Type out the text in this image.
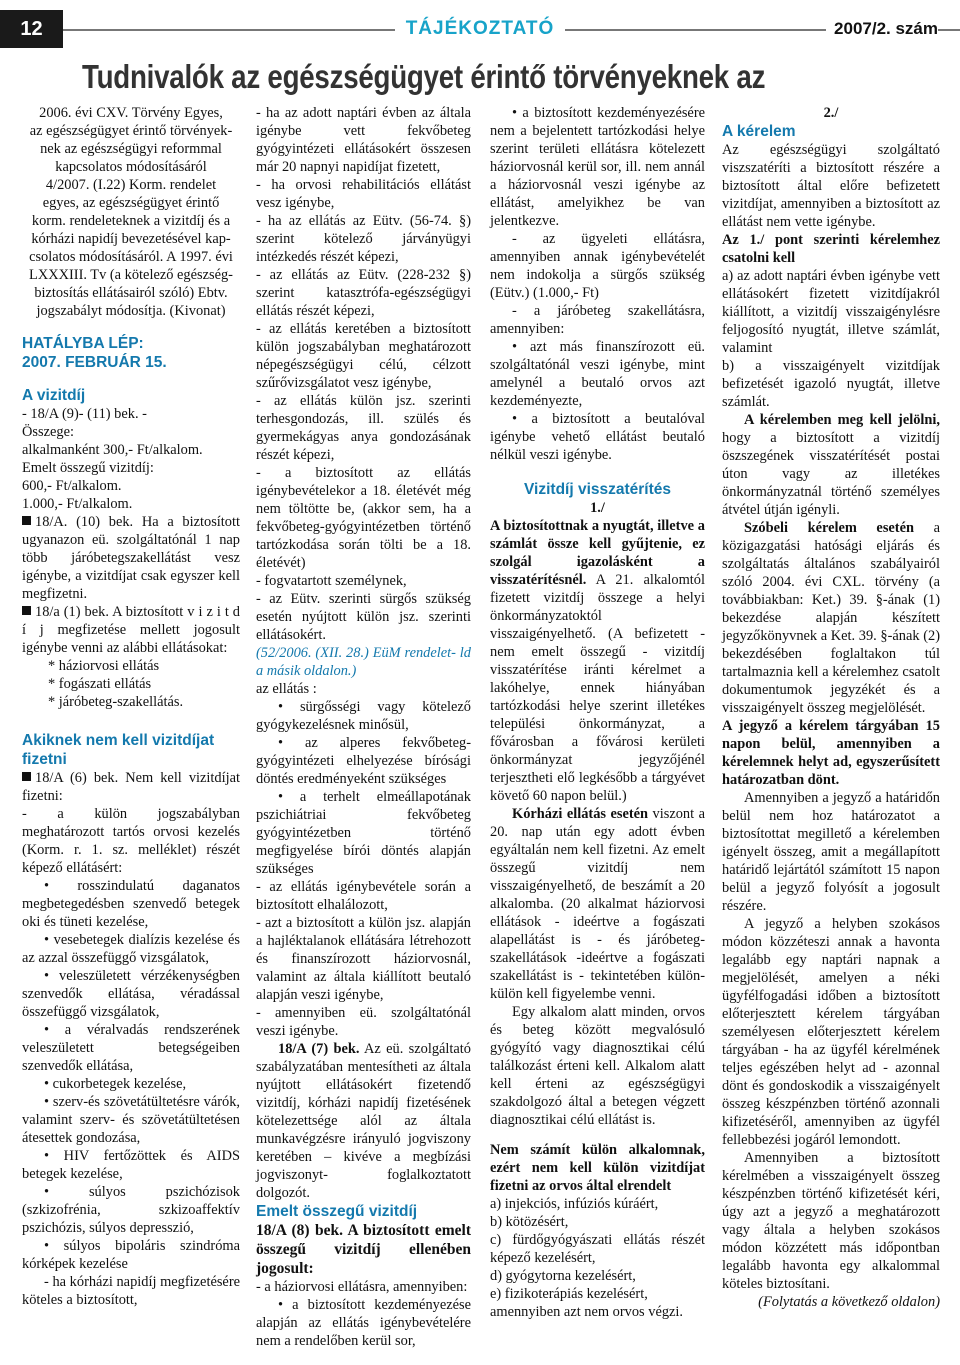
12	TÁJÉKOZTATÓ	2007/2. szám
Tudnivalók az egészségügyet érintő törvényeknek az

2006. évi CXV. Törvény Egyes,

az egészségügyet érintő törvények-

nek az egészségügyi reformmal

kapcsolatos módosításáról

4/2007. (I.22) Korm. rendelet

egyes, az egészségügyet érintő

korm. rendeleteknek a vizitdíj és a

kórházi napidíj bevezetésével kap-

csolatos módosításáról. A 1997. évi

LXXXIII. Tv (a kötelező egészség-

biztosítás ellátásairól szóló) Ebtv.

jogszabályt módosítja. (Kivonat)

HATÁLYBA LÉP:

2007. FEBRUÁR 15.

A vizitdíj

- 18/A (9)- (11) bek. -

Összege:

alkalmanként 300,- Ft/alkalom.

Emelt összegű vizitdíj:

600,- Ft/alkalom.

1.000,- Ft/alkalom.

18/A. (10) bek. Ha a biztosított ugyanazon eü. szolgáltatónál 1 nap több járóbetegszakellátást vesz igénybe, a vizitdíjat csak egyszer kell megfizetni.

18/a (1) bek. A biztosított v i z i t d í j megfizetése mellett jogosult igénybe venni az alábbi ellátásokat:

* háziorvosi ellátás

* fogászati ellátás

* járóbeteg-szakellátás.

Akiknek nem kell vizitdíjat fizetni

18/A (6) bek. Nem kell vizitdíjat fizetni:

- a külön jogszabályban meghatározott tartós orvosi kezelés (Korm. r. 1. sz. melléklet) részét képező ellátásért:

• rosszindulatú daganatos megbetegedésben szenvedő betegek oki és tüneti kezelése,

• vesebetegek dialízis kezelése és az azzal összefüggő vizsgálatok,

• veleszületett vérzékenységben szenvedők ellátása, véradással összefüggő vizsgálatok,

• a véralvadás rendszerének veleszületett betegségeiben szenvedők ellátása,

• cukorbetegek kezelése,

• szerv-és szövetátültetésre várók, valamint szerv- és szövetátültetésen átesettek gondozása,

• HIV fertőzöttek és AIDS betegek kezelése,

• súlyos pszichózisok (szkizofrénia, szkizoaffektív pszichózis, súlyos depresszió,

• súlyos bipoláris szindróma kórképek kezelése

- ha kórházi napidíj megfizetésére köteles a biztosított,

- ha az adott naptári évben az általa igénybe vett fekvőbeteg gyógyintézeti ellátásokért összesen már 20 napnyi napidíjat fizetett,

- ha orvosi rehabilitációs ellátást vesz igénybe,

- ha az ellátás az Eütv. (56-74. §) szerint kötelező járványügyi intézkedés részét képezi,

- az ellátás az Eütv. (228-232 §) szerint katasztrófa-egészségügyi ellátás részét képezi,

- az ellátás keretében a biztosított külön jogszabályban meghatározott népegészségügyi célú, célzott szűrővizsgálatot vesz igénybe,

- az ellátás külön jsz. szerinti terhesgondozás, ill. szülés és gyermekágyas anya gondozásának részét képezi,

- a biztosított az ellátás igénybevételekor a 18. életévét még nem töltötte be, (akkor sem, ha a fekvőbeteg-gyógyintézetben történő tartózkodása során tölti be a 18. életévét)

- fogvatartott személynek,

- az Eütv. szerinti sürgős szükség esetén nyújtott külön jsz. szerinti ellátásokért.

(52/2006. (XII. 28.) EüM rendelet- ld a másik oldalon.)

az ellátás :

• sürgősségi vagy kötelező gyógykezelésnek minősül,

• az alperes fekvőbeteg-gyógyintézeti elhelyezése bírósági döntés eredményeként szükséges

• a terhelt elmeállapotának pszichiátriai fekvőbeteg gyógyintézetben történő megfigyelése bírói döntés alapján szükséges

- az ellátás igénybevétele során a biztosított elhalálozott,

- azt a biztosított a külön jsz. alapján a hajléktalanok ellátására létrehozott és finanszírozott háziorvosnál, valamint az általa kiállított beutaló alapján veszi igénybe,

- amennyiben eü. szolgáltatónál veszi igénybe.

18/A (7) bek. Az eü. szolgáltató szabályzatában mentesítheti az általa nyújtott ellátásokért fizetendő vizitdíj, kórházi napidíj fizetésének kötelezettsége alól az általa munkavégzésre irányuló jogviszony keretében – kivéve a megbízási jogviszonyt- foglalkoztatott dolgozót.

Emelt összegű vizitdíj

18/A (8) bek. A biztosított emelt összegű vizitdíj ellenében jogosult:

- a háziorvosi ellátásra, amennyiben:

• a biztosított kezdeményezése alapján az ellátás igénybevételére nem a rendelőben kerül sor,

• a biztosított kezdeményezésére nem a bejelentett tartózkodási helye szerint területi ellátásra kötelezett háziorvosnál kerül sor, ill. nem annál a háziorvosnál veszi igénybe az ellátást, amelyikhez be van jelentkezve.

- az ügyeleti ellátásra, amennyiben annak igénybevételét nem indokolja a sürgős szükség (Eütv.) (1.000,- Ft)

- a járóbeteg szakellátásra, amennyiben:

• azt más finanszírozott eü. szolgáltatónál veszi igénybe, mint amelynél a beutaló orvos azt kezdeményezte,

• a biztosított a beutalóval igénybe vehető ellátást beutaló nélkül veszi igénybe.

Vizitdíj visszatérítés

1./

A biztosítottnak a nyugtát, illetve a számlát össze kell gyűjtenie, ez szolgál igazolásként a visszatérítésnél. A 21. alkalomtól fizetett vizitdíj összege a helyi önkormányzatoktól visszaigényelhető. (A befizetett - nem emelt összegű - vizitdíj visszatérítése iránti kérelmet a lakóhelye, ennek hiányában tartózkodási helye szerint illetékes települési önkormányzat, a fővárosban a fővárosi kerületi önkormányzat jegyzőjénél terjesztheti elő legkésőbb a tárgyévet követő 60 napon belül.)

Kórházi ellátás esetén viszont a 20. nap után egy adott évben egyáltalán nem kell fizetni. Az emelt összegű vizitdíj nem visszaigényelhető, de beszámít a 20 alkalomba. (20 alkalmat háziorvosi ellátások - ideértve a fogászati alapellátást is - és járóbeteg-szakellátások -ideértve a fogászati szakellátást is - tekintetében külön-külön kell figyelembe venni.

Egy alkalom alatt minden, orvos és beteg között megvalósuló gyógyító vagy diagnosztikai célú találkozást érteni kell. Alkalom alatt kell érteni az egészségügyi szakdolgozó által a betegen végzett diagnosztikai célú ellátást is.

Nem számít külön alkalomnak, ezért nem kell külön vizitdíjat fizetni az orvos által elrendelt

a) injekciós, infúziós kúráért,

b) kötözésért,

c) fürdőgyógyászati ellátás részét képező kezelésért,

d) gyógytorna kezelésért,

e) fizikoterápiás kezelésért,

amennyiben azt nem orvos végzi.

2./

A kérelem

Az egészségügyi szolgáltató viszszatéríti a biztosított részére a biztosított által előre befizetett vizitdíjat, amennyiben a biztosított az ellátást nem vette igénybe.

Az 1./ pont szerinti kérelemhez csatolni kell

a) az adott naptári évben igénybe vett ellátásokért fizetett vizitdíjakról kiállított, a vizitdíj visszaigénylésre feljogosító nyugtát, illetve számlát, valamint

b) a visszaigényelt vizitdíjak befizetését igazoló nyugtát, illetve számlát.

A kérelemben meg kell jelölni, hogy a biztosított a vizitdíj öszszegének visszatérítését postai úton vagy az illetékes önkormányzatnál történő személyes átvétel útján igényli.

Szóbeli kérelem esetén a közigazgatási hatósági eljárás és szolgáltatás általános szabályairól szóló 2004. évi CXL. törvény (a továbbiakban: Ket.) 39. §-ának (1) bekezdése alapján készített jegyzőkönyvnek a Ket. 39. §-ának (2) bekezdésében foglaltakon túl tartalmaznia kell a kérelemhez csatolt dokumentumok jegyzékét és a visszaigényelt összeg megjelölését.

A jegyző a kérelem tárgyában 15 napon belül, amennyiben a kérelemnek helyt ad, egyszerűsített határozatban dönt.

Amennyiben a jegyző a határidőn belül nem hoz határozatot a biztosítottat megillető a kérelemben igényelt összeg, amit a megállapított határidő lejártától számított 15 napon belül a jegyző folyósít a jogosult részére.

A jegyző a helyben szokásos módon közzéteszi annak a havonta legalább egy naptári napnak a megjelölését, amelyen a néki ügyfélfogadási időben a biztosított előterjesztett kérelem tárgyában személyesen előterjesztett kérelem tárgyában - ha az ügyfél kérelmének teljes egészében helyt ad - azonnal dönt és gondoskodik a visszaigényelt összeg készpénzben történő azonnali kifizetéséről, amennyiben az ügyfél fellebbezési jogáról lemondott.

Amennyiben a biztosított kérelmében a visszaigényelt összeg készpénzben történő kifizetését kéri, úgy azt a jegyző a meghatározott vagy általa a helyben szokásos módon közzétett más időpontban legalább havonta egy alkalommal köteles biztosítani.

(Folytatás a következő oldalon)
